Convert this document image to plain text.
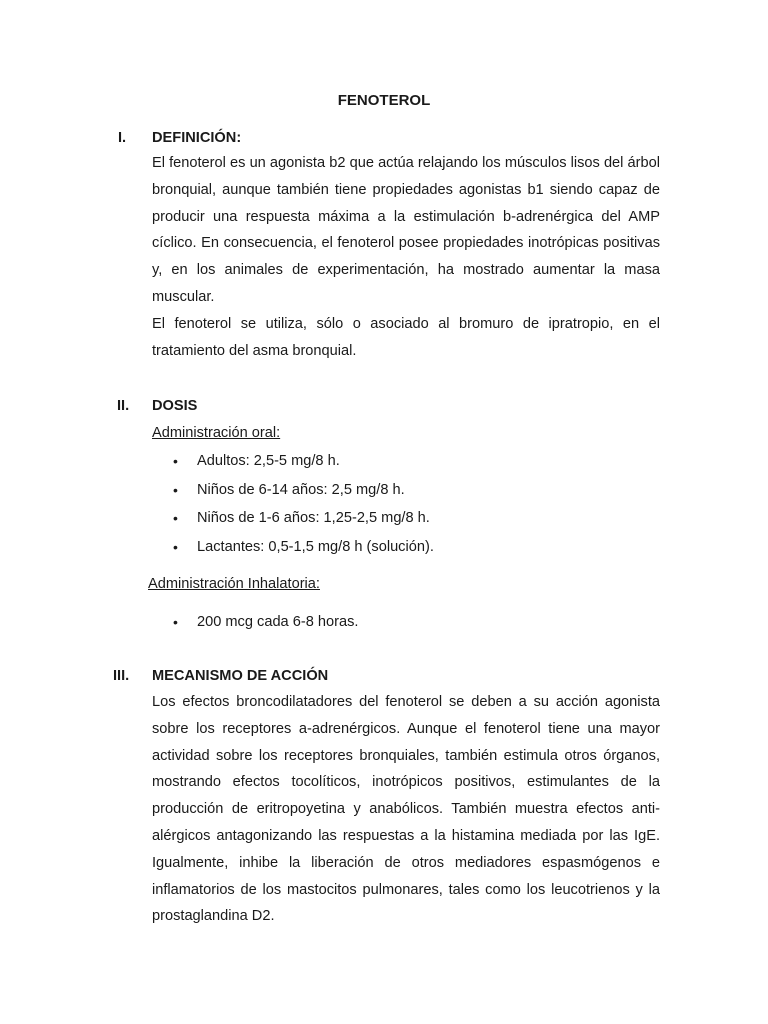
FENOTEROL
I. DEFINICIÓN:

El fenoterol es un agonista b2 que actúa relajando los músculos lisos del árbol bronquial, aunque también tiene propiedades agonistas b1 siendo capaz de producir una respuesta máxima a la estimulación b-adrenérgica del AMP cíclico. En consecuencia, el fenoterol posee propiedades inotrópicas positivas y, en los animales de experimentación, ha mostrado aumentar la masa muscular.

El fenoterol se utiliza, sólo o asociado al bromuro de ipratropio, en el tratamiento del asma bronquial.

II. DOSIS
Administración oral:
• Adultos: 2,5-5 mg/8 h.
• Niños de 6-14 años: 2,5 mg/8 h.
• Niños de 1-6 años: 1,25-2,5 mg/8 h.
• Lactantes: 0,5-1,5 mg/8 h (solución).
Administración Inhalatoria:
• 200 mcg cada 6-8 horas.
III. MECANISMO DE ACCIÓN

Los efectos broncodilatadores del fenoterol se deben a su acción agonista sobre los receptores a-adrenérgicos. Aunque el fenoterol tiene una mayor actividad sobre los receptores bronquiales, también estimula otros órganos, mostrando efectos tocolíticos, inotrópicos positivos, estimulantes de la producción de eritropoyetina y anabólicos. También muestra efectos anti-alérgicos antagonizando las respuestas a la histamina mediada por las IgE. Igualmente, inhibe la liberación de otros mediadores espasmógenos e inflamatorios de los mastocitos pulmonares, tales como los leucotrienos y la prostaglandina D2.
